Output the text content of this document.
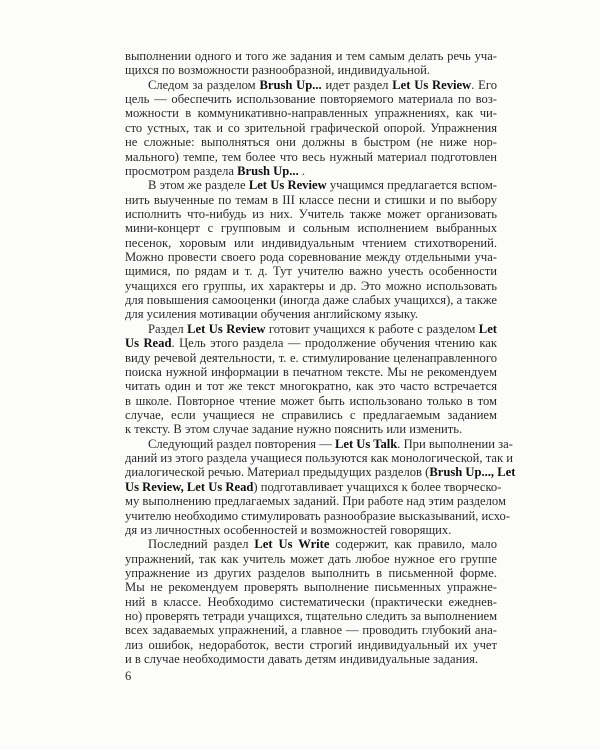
выполнении одного и того же задания и тем самым делать речь уча-
щихся по возможности разнообразной, индивидуальной.
Следом за разделом Brush Up... идет раздел Let Us Review. Его
цель — обеспечить использование повторяемого материала по воз-
можности в коммуникативно-направленных упражнениях, как чи-
сто устных, так и со зрительной графической опорой. Упражнения
не сложные: выполняться они должны в быстром (не ниже нор-
мального) темпе, тем более что весь нужный материал подготовлен
просмотром раздела Brush Up... .
В этом же разделе Let Us Review учащимся предлагается вспом-
нить выученные по темам в III классе песни и стишки и по выбору
исполнить что-нибудь из них. Учитель также может организовать
мини-концерт с групповым и сольным исполнением выбранных
песенок, хоровым или индивидуальным чтением стихотворений.
Можно провести своего рода соревнование между отдельными уча-
щимися, по рядам и т. д. Тут учителю важно учесть особенности
учащихся его группы, их характеры и др. Это можно использовать
для повышения самооценки (иногда даже слабых учащихся), а также
для усиления мотивации обучения английскому языку.
Раздел Let Us Review готовит учащихся к работе с разделом Let
Us Read. Цель этого раздела — продолжение обучения чтению как
виду речевой деятельности, т. е. стимулирование целенаправленного
поиска нужной информации в печатном тексте. Мы не рекомендуем
читать один и тот же текст многократно, как это часто встречается
в школе. Повторное чтение может быть использовано только в том
случае, если учащиеся не справились с предлагаемым заданием
к тексту. В этом случае задание нужно пояснить или изменить.
Следующий раздел повторения — Let Us Talk. При выполнении за-
даний из этого раздела учащиеся пользуются как монологической, так и
диалогической речью. Материал предыдущих разделов (Brush Up..., Let
Us Review, Let Us Read) подготавливает учащихся к более творческо-
му выполнению предлагаемых заданий. При работе над этим разделом
учителю необходимо стимулировать разнообразие высказываний, исхо-
дя из личностных особенностей и возможностей говорящих.
Последний раздел Let Us Write содержит, как правило, мало
упражнений, так как учитель может дать любое нужное его группе
упражнение из других разделов выполнить в письменной форме.
Мы не рекомендуем проверять выполнение письменных упражне-
ний в классе. Необходимо систематически (практически ежеднев-
но) проверять тетради учащихся, тщательно следить за выполнением
всех задаваемых упражнений, а главное — проводить глубокий ана-
лиз ошибок, недоработок, вести строгий индивидуальный их учет
и в случае необходимости давать детям индивидуальные задания.
6
